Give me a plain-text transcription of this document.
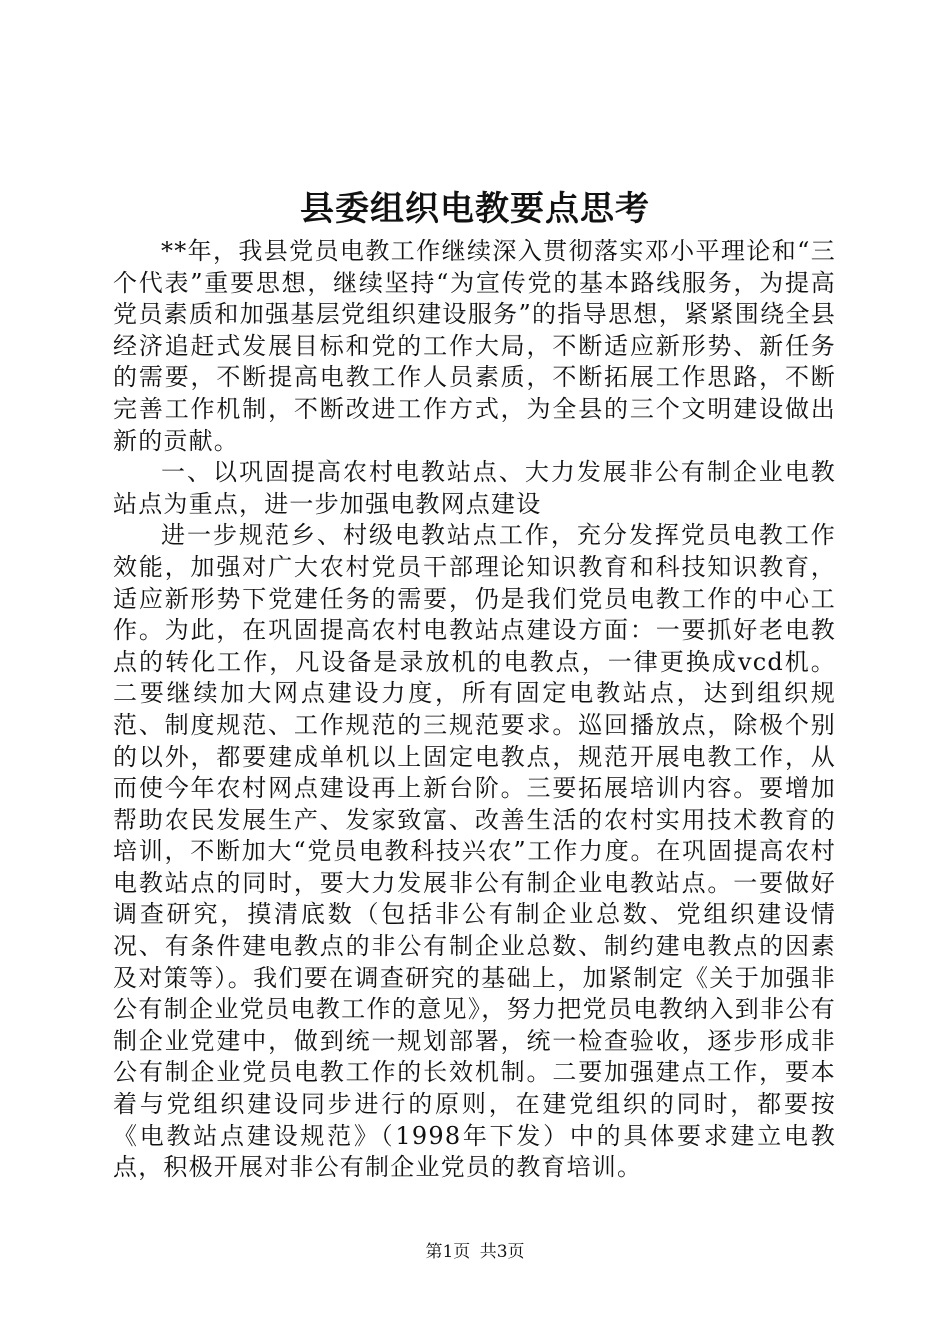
县委组织电教要点思考

**年，我县党员电教工作继续深入贯彻落实邓小平理论和“三个代表”重要思想，继续坚持“为宣传党的基本路线服务，为提高党员素质和加强基层党组织建设服务”的指导思想，紧紧围绕全县经济追赶式发展目标和党的工作大局，不断适应新形势、新任务的需要，不断提高电教工作人员素质，不断拓展工作思路，不断完善工作机制，不断改进工作方式，为全县的三个文明建设做出新的贡献。

一、以巩固提高农村电教站点、大力发展非公有制企业电教站点为重点，进一步加强电教网点建设

进一步规范乡、村级电教站点工作，充分发挥党员电教工作效能，加强对广大农村党员干部理论知识教育和科技知识教育，适应新形势下党建任务的需要，仍是我们党员电教工作的中心工作。为此，在巩固提高农村电教站点建设方面：一要抓好老电教点的转化工作，凡设备是录放机的电教点，一律更换成vcd机。二要继续加大网点建设力度，所有固定电教站点，达到组织规范、制度规范、工作规范的三规范要求。巡回播放点，除极个别的以外，都要建成单机以上固定电教点，规范开展电教工作，从而使今年农村网点建设再上新台阶。三要拓展培训内容。要增加帮助农民发展生产、发家致富、改善生活的农村实用技术教育的培训，不断加大“党员电教科技兴农”工作力度。在巩固提高农村电教站点的同时，要大力发展非公有制企业电教站点。一要做好调查研究，摸清底数（包括非公有制企业总数、党组织建设情况、有条件建电教点的非公有制企业总数、制约建电教点的因素及对策等）。我们要在调查研究的基础上，加紧制定《关于加强非公有制企业党员电教工作的意见》，努力把党员电教纳入到非公有制企业党建中，做到统一规划部署，统一检查验收，逐步形成非公有制企业党员电教工作的长效机制。二要加强建点工作，要本着与党组织建设同步进行的原则，在建党组织的同时，都要按《电教站点建设规范》（1998年下发）中的具体要求建立电教点，积极开展对非公有制企业党员的教育培训。

第1页 共3页
